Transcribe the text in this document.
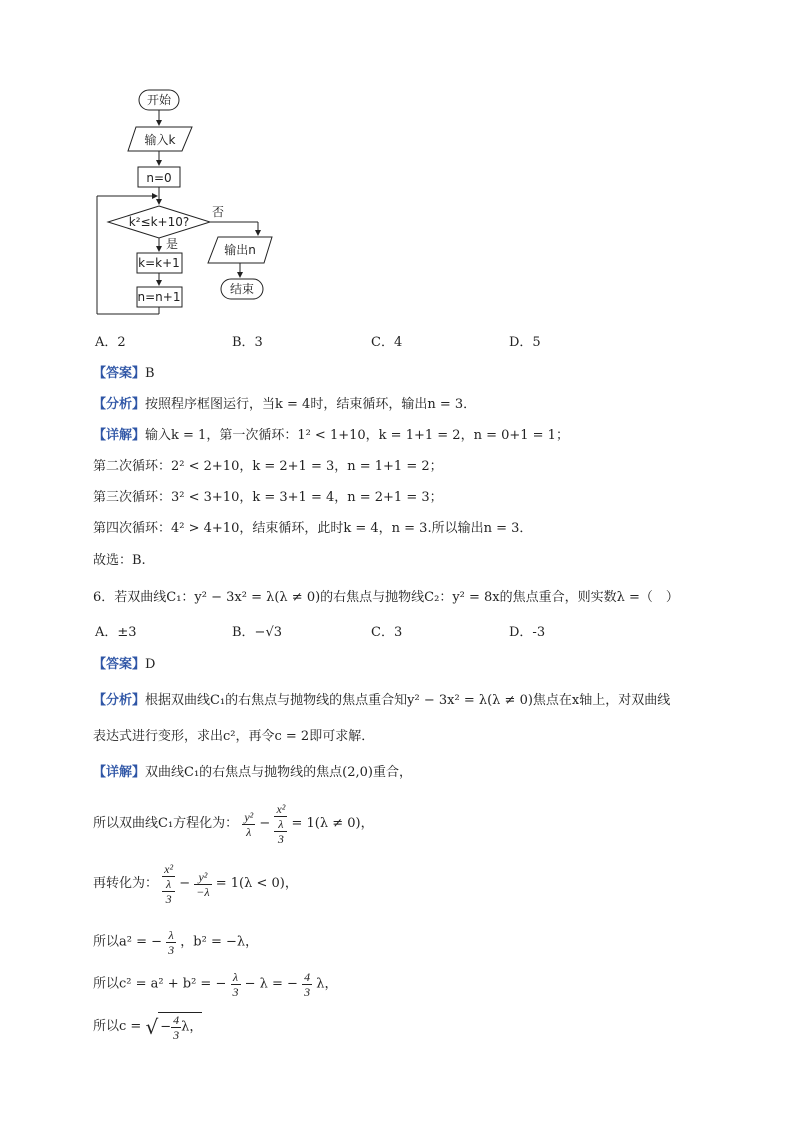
开始
输入k
n=0
k²≤k+10?
否
是
k=k+1
n=n+1
输出n
结束
A．2	B．3	C．4	D．5
【答案】B
【分析】按照程序框图运行，当k = 4时，结束循环，输出n = 3．
【详解】输入k = 1，第一次循环：1² < 1+10，k = 1+1 = 2，n = 0+1 = 1；
第二次循环：2² < 2+10，k = 2+1 = 3，n = 1+1 = 2；
第三次循环：3² < 3+10，k = 3+1 = 4，n = 2+1 = 3；
第四次循环：4² > 4+10，结束循环，此时k = 4，n = 3.所以输出n = 3．
故选：B.
6．若双曲线C₁：y² − 3x² = λ(λ ≠ 0)的右焦点与抛物线C₂：y² = 8x的焦点重合，则实数λ =（　）
A．±3	B．−√3	C．3	D．-3
【答案】D
【分析】根据双曲线C₁的右焦点与抛物线的焦点重合知y² − 3x² = λ(λ ≠ 0)焦点在x轴上，对双曲线
表达式进行变形，求出c²，再令c = 2即可求解．
【详解】双曲线C₁的右焦点与抛物线的焦点(2,0)重合，
所以双曲线C₁方程化为： $\frac{\text{y²}}{\lambda}$ −
x²
λ
3
= 1(λ ≠ 0)，
再转化为：
x²
λ
3
− $\frac{\text{y²}}{-\lambda} = 1(\lambda < 0)$，
所以a² = − $\frac{\lambda}{3}$ ，b² = −λ，
所以c² = a² + b² = − $\frac{\lambda}{3} - \lambda$ = − $\frac{4}{3}$ λ，
所以c = √ − $\frac{4}{3}$ λ，
